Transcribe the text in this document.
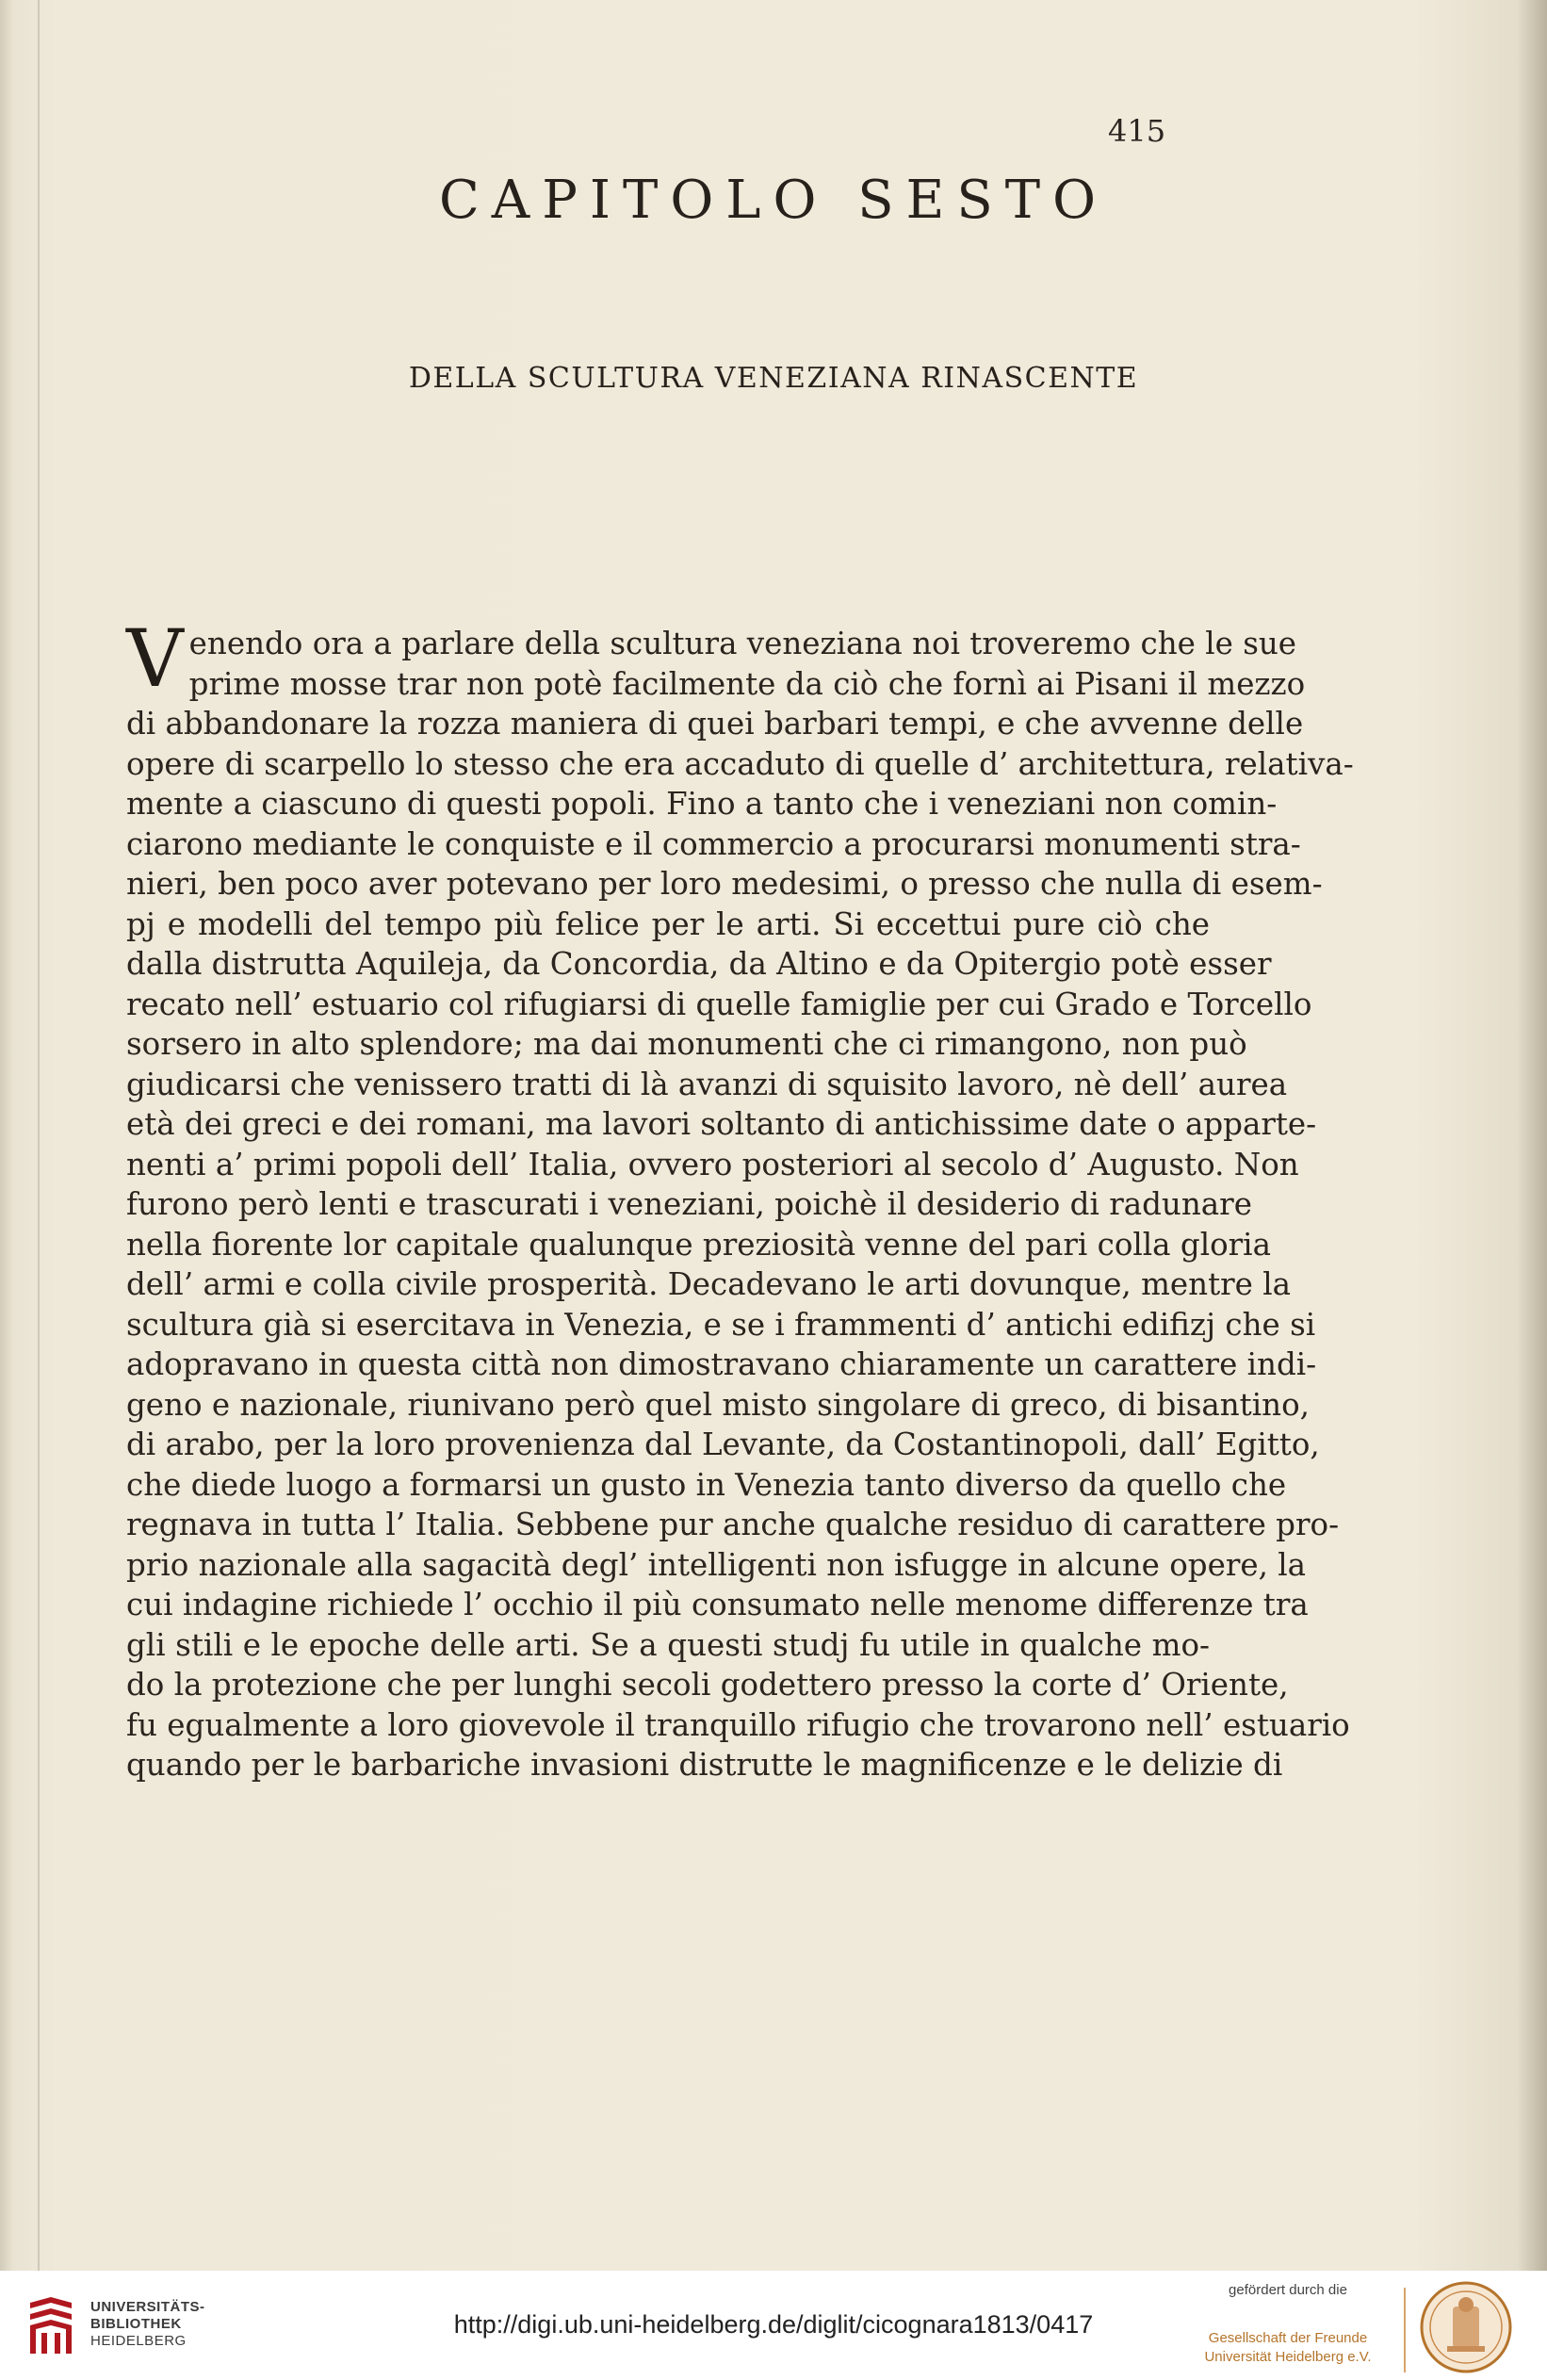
415
CAPITOLO SESTO
DELLA SCULTURA VENEZIANA RINASCENTE
V enendo ora a parlare della scultura veneziana noi troveremo che le sue
prime mosse trar non potè facilmente da ciò che fornì ai Pisani il mezzo
di abbandonare la rozza maniera di quei barbari tempi, e che avvenne delle
opere di scarpello lo stesso che era accaduto di quelle d’ architettura, relativa-
mente a ciascuno di questi popoli. Fino a tanto che i veneziani non comin-
ciarono mediante le conquiste e il commercio a procurarsi monumenti stra-
nieri, ben poco aver potevano per loro medesimi, o presso che nulla di esem-
pj e modelli del tempo più felice per le arti. Si eccettui pure ciò che
dalla distrutta Aquileja, da Concordia, da Altino e da Opitergio potè esser
recato nell’ estuario col rifugiarsi di quelle famiglie per cui Grado e Torcello
sorsero in alto splendore; ma dai monumenti che ci rimangono, non può
giudicarsi che venissero tratti di là avanzi di squisito lavoro, nè dell’ aurea
età dei greci e dei romani, ma lavori soltanto di antichissime date o apparte-
nenti a’ primi popoli dell’ Italia, ovvero posteriori al secolo d’ Augusto. Non
furono però lenti e trascurati i veneziani, poichè il desiderio di radunare
nella fiorente lor capitale qualunque preziosità venne del pari colla gloria
dell’ armi e colla civile prosperità. Decadevano le arti dovunque, mentre la
scultura già si esercitava in Venezia, e se i frammenti d’ antichi edifizj che si
adopravano in questa città non dimostravano chiaramente un carattere indi-
geno e nazionale, riunivano però quel misto singolare di greco, di bisantino,
di arabo, per la loro provenienza dal Levante, da Costantinopoli, dall’ Egitto,
che diede luogo a formarsi un gusto in Venezia tanto diverso da quello che
regnava in tutta l’ Italia. Sebbene pur anche qualche residuo di carattere pro-
prio nazionale alla sagacità degl’ intelligenti non isfugge in alcune opere, la
cui indagine richiede l’ occhio il più consumato nelle menome differenze tra
gli stili e le epoche delle arti. Se a questi studj fu utile in qualche mo-
do la protezione che per lunghi secoli godettero presso la corte d’ Oriente,
fu egualmente a loro giovevole il tranquillo rifugio che trovarono nell’ estuario
quando per le barbariche invasioni distrutte le magnificenze e le delizie di
UNIVERSITÄTS-
BIBLIOTHEK
HEIDELBERG
http://digi.ub.uni-heidelberg.de/diglit/cicognara1813/0417
gefördert durch die
Gesellschaft der Freunde
Universität Heidelberg e.V.
